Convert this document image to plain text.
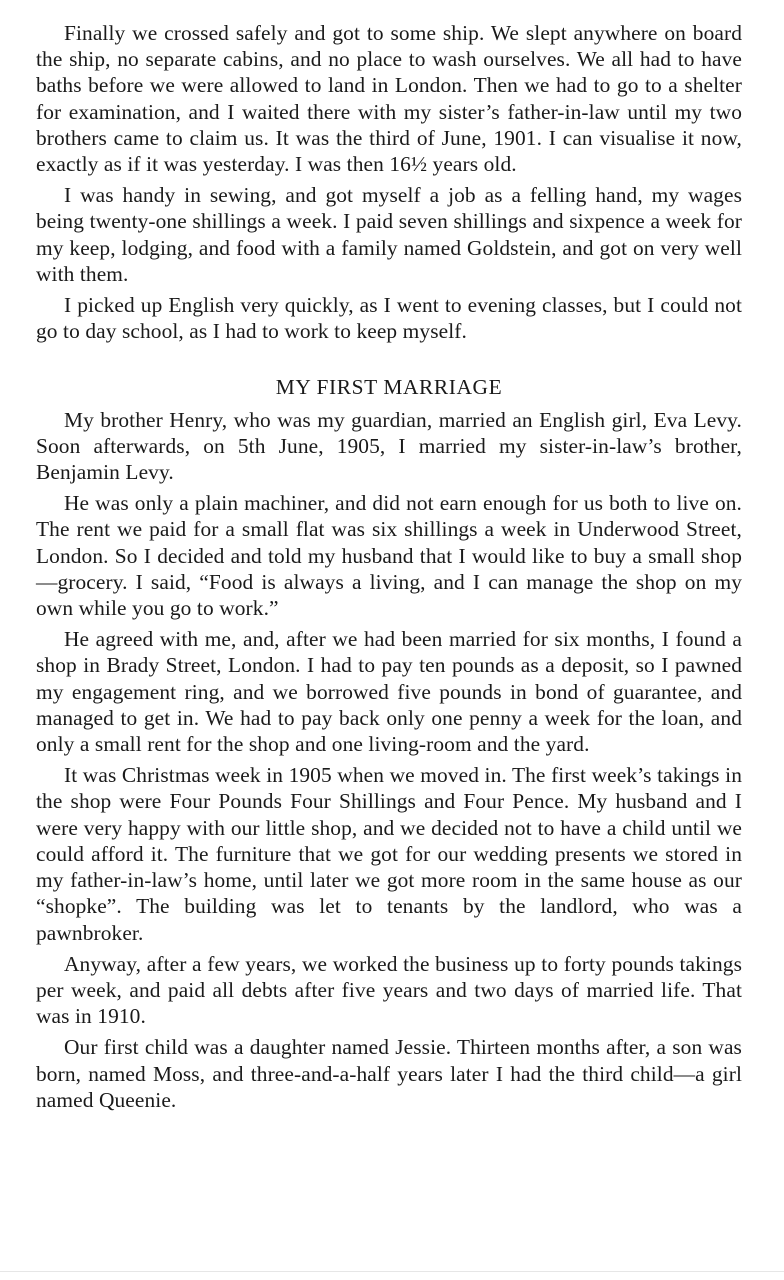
Finally we crossed safely and got to some ship. We slept anywhere on board the ship, no separate cabins, and no place to wash ourselves. We all had to have baths before we were allowed to land in London. Then we had to go to a shelter for examination, and I waited there with my sister’s father-in-law until my two brothers came to claim us. It was the third of June, 1901. I can visualise it now, exactly as if it was yesterday. I was then 16½ years old.

I was handy in sewing, and got myself a job as a felling hand, my wages being twenty-one shillings a week. I paid seven shillings and sixpence a week for my keep, lodging, and food with a family named Goldstein, and got on very well with them.

I picked up English very quickly, as I went to evening classes, but I could not go to day school, as I had to work to keep myself.

MY FIRST MARRIAGE

My brother Henry, who was my guardian, married an English girl, Eva Levy. Soon afterwards, on 5th June, 1905, I married my sister-in-law’s brother, Benjamin Levy.

He was only a plain machiner, and did not earn enough for us both to live on. The rent we paid for a small flat was six shillings a week in Underwood Street, London. So I decided and told my husband that I would like to buy a small shop—grocery. I said, “Food is always a living, and I can manage the shop on my own while you go to work.”

He agreed with me, and, after we had been married for six months, I found a shop in Brady Street, London. I had to pay ten pounds as a deposit, so I pawned my engagement ring, and we borrowed five pounds in bond of guarantee, and managed to get in. We had to pay back only one penny a week for the loan, and only a small rent for the shop and one living-room and the yard.

It was Christmas week in 1905 when we moved in. The first week’s takings in the shop were Four Pounds Four Shillings and Four Pence. My husband and I were very happy with our little shop, and we decided not to have a child until we could afford it. The furniture that we got for our wedding presents we stored in my father-in-law’s home, until later we got more room in the same house as our “shopke”. The building was let to tenants by the landlord, who was a pawnbroker.

Anyway, after a few years, we worked the business up to forty pounds takings per week, and paid all debts after five years and two days of married life. That was in 1910.

Our first child was a daughter named Jessie. Thirteen months after, a son was born, named Moss, and three-and-a-half years later I had the third child—a girl named Queenie.
